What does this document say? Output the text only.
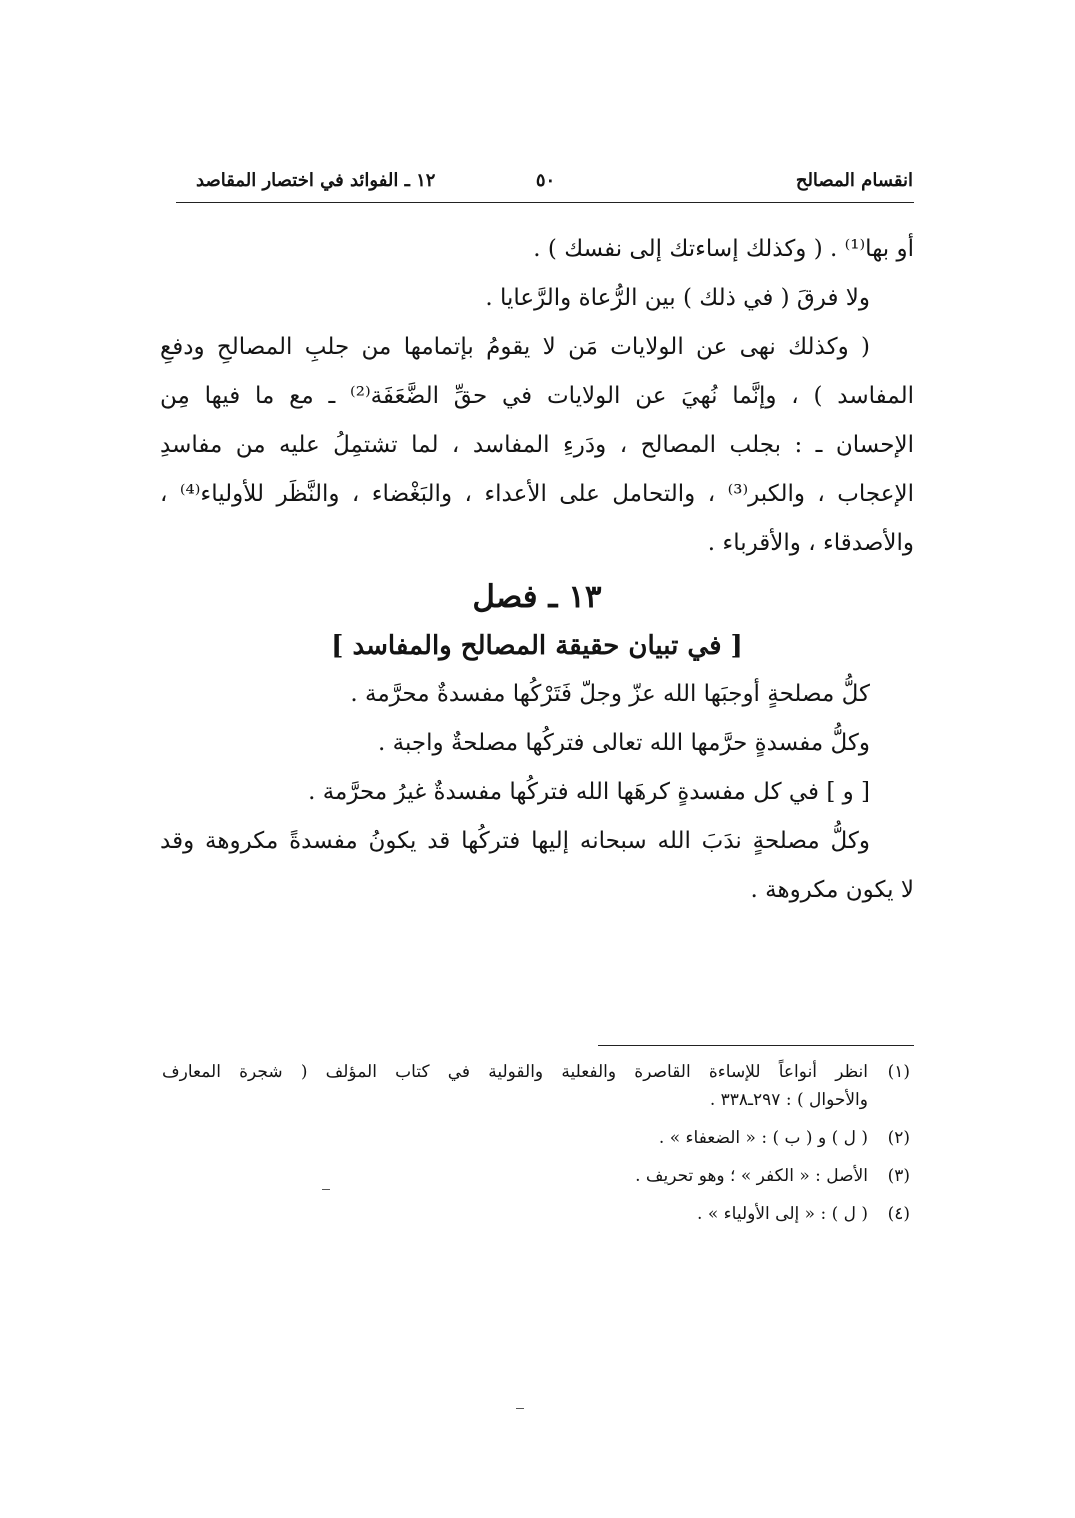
انقسام المصالح
٥٠
١٢ ـ الفوائد في اختصار المقاصد
أو بها⁽¹⁾ . ( وكذلك إساءتك إلى نفسك ) .
ولا فرقَ ( في ذلك ) بين الرُّعاة والرَّعايا .
( وكذلك نهى عن الولايات مَن لا يقومُ بإتمامها من جلبِ المصالحِ ودفعِ
المفاسد ) ، وإنَّما نُهيَ عن الولايات في حقِّ الضَّعَفَة⁽²⁾ ـ مع ما فيها مِن
الإحسان ـ : بجلب المصالح ، ودَرءِ المفاسد ، لما تشتمِلُ عليه من مفاسدِ
الإعجاب ، والكبر⁽³⁾ ، والتحامل على الأعداء ، والبَغْضاء ، والنَّظَر للأولياء⁽⁴⁾ ،
والأصدقاء ، والأقرباء .
١٣ ـ فصل
[ في تبيان حقيقة المصالح والمفاسد ]
كلُّ مصلحةٍ أوجبَها الله عزّ وجلّ فَتَرْكُها مفسدةٌ محرَّمة .
وكلُّ مفسدةٍ حرَّمها الله تعالى فتركُها مصلحةٌ واجبة .
[ و ] في كل مفسدةٍ كرهَها الله فتركُها مفسدةٌ غيرُ محرَّمة .
وكلُّ مصلحةٍ ندَبَ الله سبحانه إليها فتركُها قد يكونُ مفسدةً مكروهة وقد
لا يكون مكروهة .
(١)
انظر أنواعاً للإساءة القاصرة والفعلية والقولية في كتاب المؤلف ( شجرة المعارف
والأحوال ) : ٢٩٧ـ٣٣٨ .
(٢)
( ل ) و ( ب ) : « الضعفاء » .
(٣)
الأصل : « الكفر » ؛ وهو تحريف .
(٤)
( ل ) : « إلى الأولياء » .
